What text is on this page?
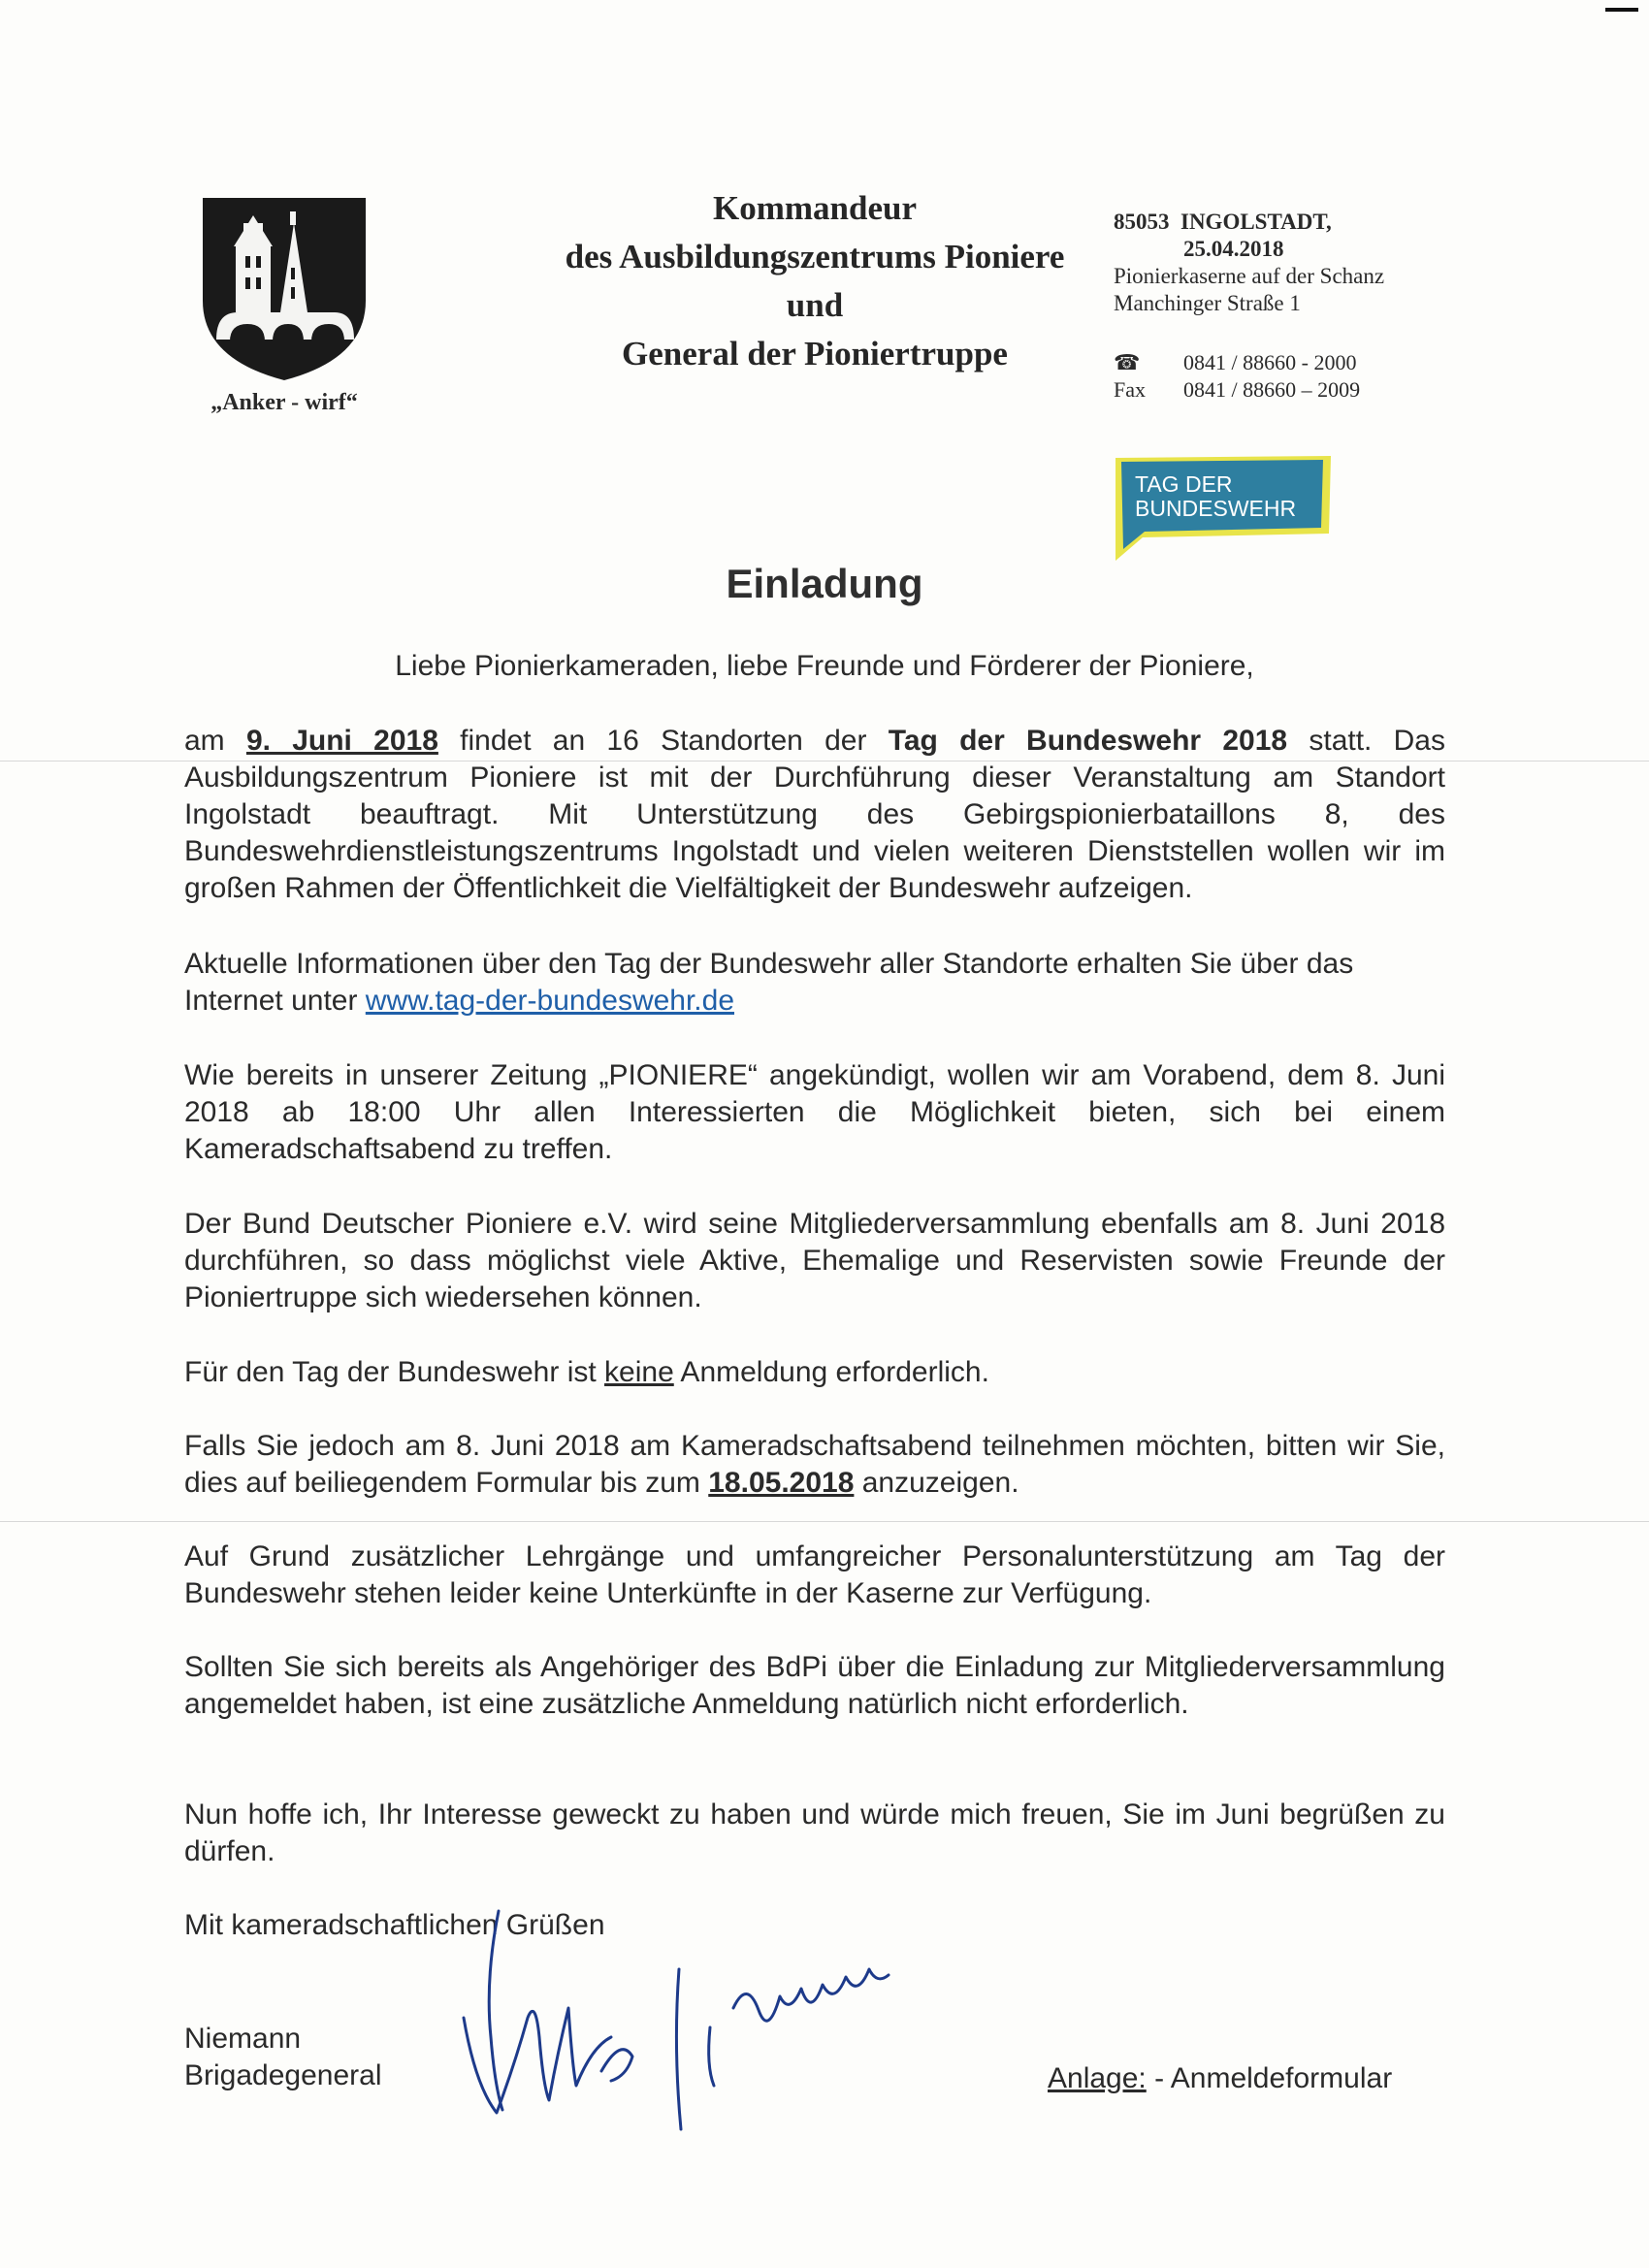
„Anker - wirf“
Kommandeur
des Ausbildungszentrums Pioniere
und
General der Pioniertruppe
85053 INGOLSTADT,
25.04.2018
Pionierkaserne auf der Schanz
Manchinger Straße 1
☎ 0841 / 88660 - 2000
Fax 0841 / 88660 – 2009
TAG DER
BUNDESWEHR
Einladung
Liebe Pionierkameraden, liebe Freunde und Förderer der Pioniere,
am 9. Juni 2018 findet an 16 Standorten der Tag der Bundeswehr 2018 statt. Das Ausbildungszentrum Pioniere ist mit der Durchführung dieser Veranstaltung am Standort Ingolstadt beauftragt. Mit Unterstützung des Gebirgspionierbataillons 8, des Bundeswehrdienstleistungszentrums Ingolstadt und vielen weiteren Dienststellen wollen wir im großen Rahmen der Öffentlichkeit die Vielfältigkeit der Bundeswehr aufzeigen.
Aktuelle Informationen über den Tag der Bundeswehr aller Standorte erhalten Sie über das Internet unter www.tag-der-bundeswehr.de
Wie bereits in unserer Zeitung „PIONIERE“ angekündigt, wollen wir am Vorabend, dem 8. Juni 2018 ab 18:00 Uhr allen Interessierten die Möglichkeit bieten, sich bei einem Kameradschaftsabend zu treffen.
Der Bund Deutscher Pioniere e.V. wird seine Mitgliederversammlung ebenfalls am 8. Juni 2018 durchführen, so dass möglichst viele Aktive, Ehemalige und Reservisten sowie Freunde der Pioniertruppe sich wiedersehen können.
Für den Tag der Bundeswehr ist keine Anmeldung erforderlich.
Falls Sie jedoch am 8. Juni 2018 am Kameradschaftsabend teilnehmen möchten, bitten wir Sie, dies auf beiliegendem Formular bis zum 18.05.2018 anzuzeigen.
Auf Grund zusätzlicher Lehrgänge und umfangreicher Personalunterstützung am Tag der Bundeswehr stehen leider keine Unterkünfte in der Kaserne zur Verfügung.
Sollten Sie sich bereits als Angehöriger des BdPi über die Einladung zur Mitgliederversammlung angemeldet haben, ist eine zusätzliche Anmeldung natürlich nicht erforderlich.
Nun hoffe ich, Ihr Interesse geweckt zu haben und würde mich freuen, Sie im Juni begrüßen zu dürfen.
Mit kameradschaftlichen Grüßen
Niemann
Brigadegeneral	Anlage: - Anmeldeformular
